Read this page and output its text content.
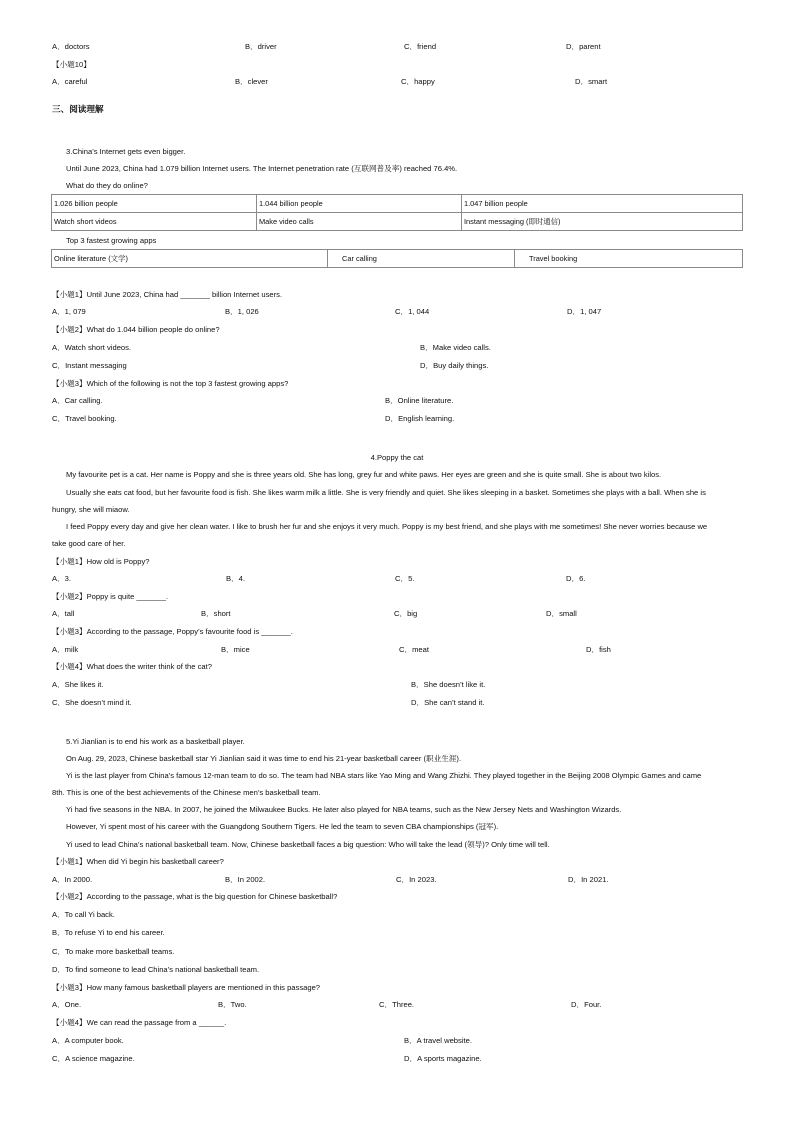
A．doctors	B．driver	C．friend	D．parent
【小题10】
A．careful	B．clever	C．happy	D．smart
三、阅读理解
3.China’s Internet gets even bigger.
Until June 2023, China had 1.079 billion Internet users. The Internet penetration rate (互联网普及率) reached 76.4%.
What do they do online?
1.026 billion people	1.044 billion people	1.047 billion people
Watch short videos	Make video calls	Instant messaging (即时通信)
Top 3 fastest growing apps
Online literature (文学)	Car calling	Travel booking
【小题1】Until June 2023, China had _______ billion Internet users.
A．1, 079	B．1, 026	C．1, 044	D．1, 047
【小题2】What do 1.044 billion people do online?
A．Watch short videos.	B．Make video calls.
C．Instant messaging	D．Buy daily things.
【小题3】Which of the following is not the top 3 fastest growing apps?
A．Car calling.	B．Online literature.
C．Travel booking.	D．English learning.
4.Poppy the cat
My favourite pet is a cat. Her name is Poppy and she is three years old. She has long, grey fur and white paws. Her eyes are green and she is quite small. She is about two kilos.
Usually she eats cat food, but her favourite food is fish. She likes warm milk a little. She is very friendly and quiet. She likes sleeping in a basket. Sometimes she plays with a ball. When she is
hungry, she will miaow.
I feed Poppy every day and give her clean water. I like to brush her fur and she enjoys it very much. Poppy is my best friend, and she plays with me sometimes! She never worries because we
take good care of her.
【小题1】How old is Poppy?
A．3.	B．4.	C．5.	D．6.
【小题2】Poppy is quite _______.
A．tall	B．short	C．big	D．small
【小题3】According to the passage, Poppy’s favourite food is _______.
A．milk	B．mice	C．meat	D．fish
【小题4】What does the writer think of the cat?
A．She likes it.	B．She doesn’t like it.
C．She doesn’t mind it.	D．She can’t stand it.
5.Yi Jianlian is to end his work as a basketball player.
On Aug. 29, 2023, Chinese basketball star Yi Jianlian said it was time to end his 21-year basketball career (职业生涯).
Yi is the last player from China’s famous 12-man team to do so. The team had NBA stars like Yao Ming and Wang Zhizhi. They played together in the Beijing 2008 Olympic Games and came
8th. This is one of the best achievements of the Chinese men’s basketball team.
Yi had five seasons in the NBA. In 2007, he joined the Milwaukee Bucks. He later also played for NBA teams, such as the New Jersey Nets and Washington Wizards.
However, Yi spent most of his career with the Guangdong Southern Tigers. He led the team to seven CBA championships (冠军).
Yi used to lead China’s national basketball team. Now, Chinese basketball faces a big question: Who will take the lead (领导)? Only time will tell.
【小题1】When did Yi begin his basketball career?
A．In 2000.	B．In 2002.	C．In 2023.	D．In 2021.
【小题2】According to the passage, what is the big question for Chinese basketball?
A．To call Yi back.
B．To refuse Yi to end his career.
C．To make more basketball teams.
D．To find someone to lead China’s national basketball team.
【小题3】How many famous basketball players are mentioned in this passage?
A．One.	B．Two.	C．Three.	D．Four.
【小题4】We can read the passage from a ______.
A．A computer book.	B．A travel website.
C．A science magazine.	D．A sports magazine.
